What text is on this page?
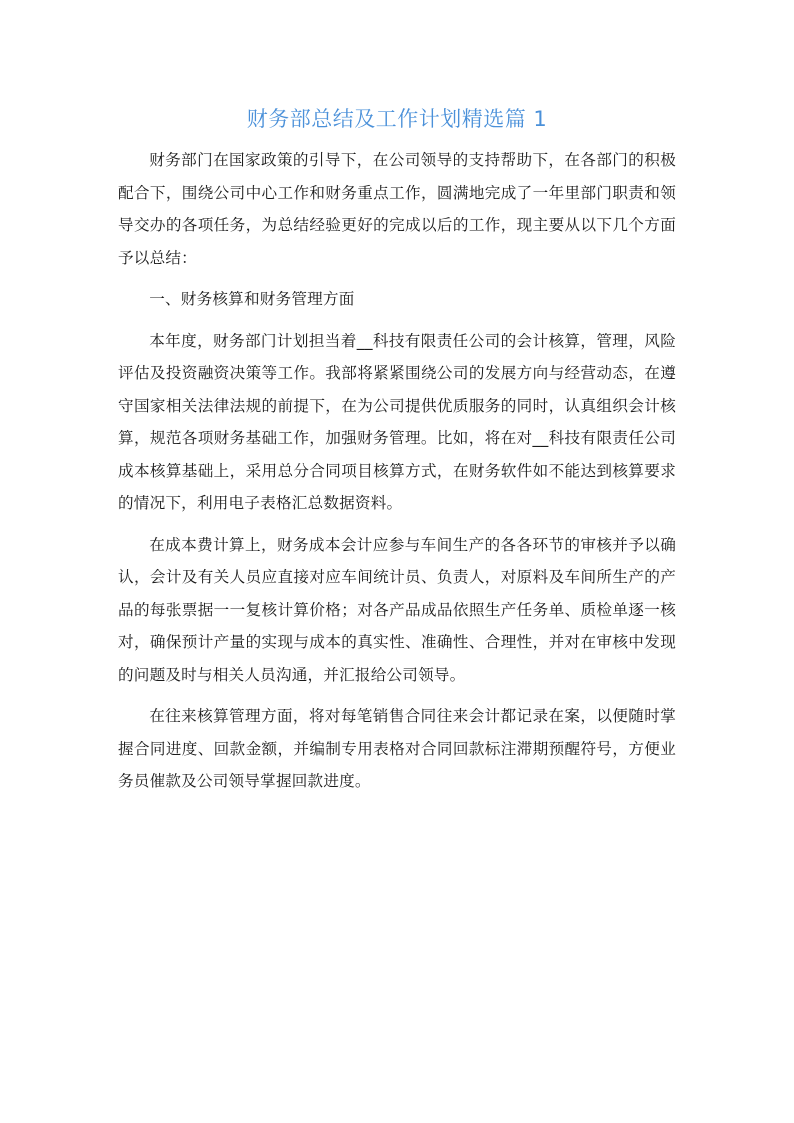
财务部总结及工作计划精选篇 1

财务部门在国家政策的引导下，在公司领导的支持帮助下，在各部门的积极配合下，围绕公司中心工作和财务重点工作，圆满地完成了一年里部门职责和领导交办的各项任务，为总结经验更好的完成以后的工作，现主要从以下几个方面予以总结：

一、财务核算和财务管理方面

本年度，财务部门计划担当着__科技有限责任公司的会计核算，管理，风险评估及投资融资决策等工作。我部将紧紧围绕公司的发展方向与经营动态，在遵守国家相关法律法规的前提下，在为公司提供优质服务的同时，认真组织会计核算，规范各项财务基础工作，加强财务管理。比如，将在对__科技有限责任公司成本核算基础上，采用总分合同项目核算方式，在财务软件如不能达到核算要求的情况下，利用电子表格汇总数据资料。

在成本费计算上，财务成本会计应参与车间生产的各各环节的审核并予以确认，会计及有关人员应直接对应车间统计员、负责人，对原料及车间所生产的产品的每张票据一一复核计算价格；对各产品成品依照生产任务单、质检单逐一核对，确保预计产量的实现与成本的真实性、准确性、合理性，并对在审核中发现的问题及时与相关人员沟通，并汇报给公司领导。

在往来核算管理方面，将对每笔销售合同往来会计都记录在案，以便随时掌握合同进度、回款金额，并编制专用表格对合同回款标注滞期预醒符号，方便业务员催款及公司领导掌握回款进度。
